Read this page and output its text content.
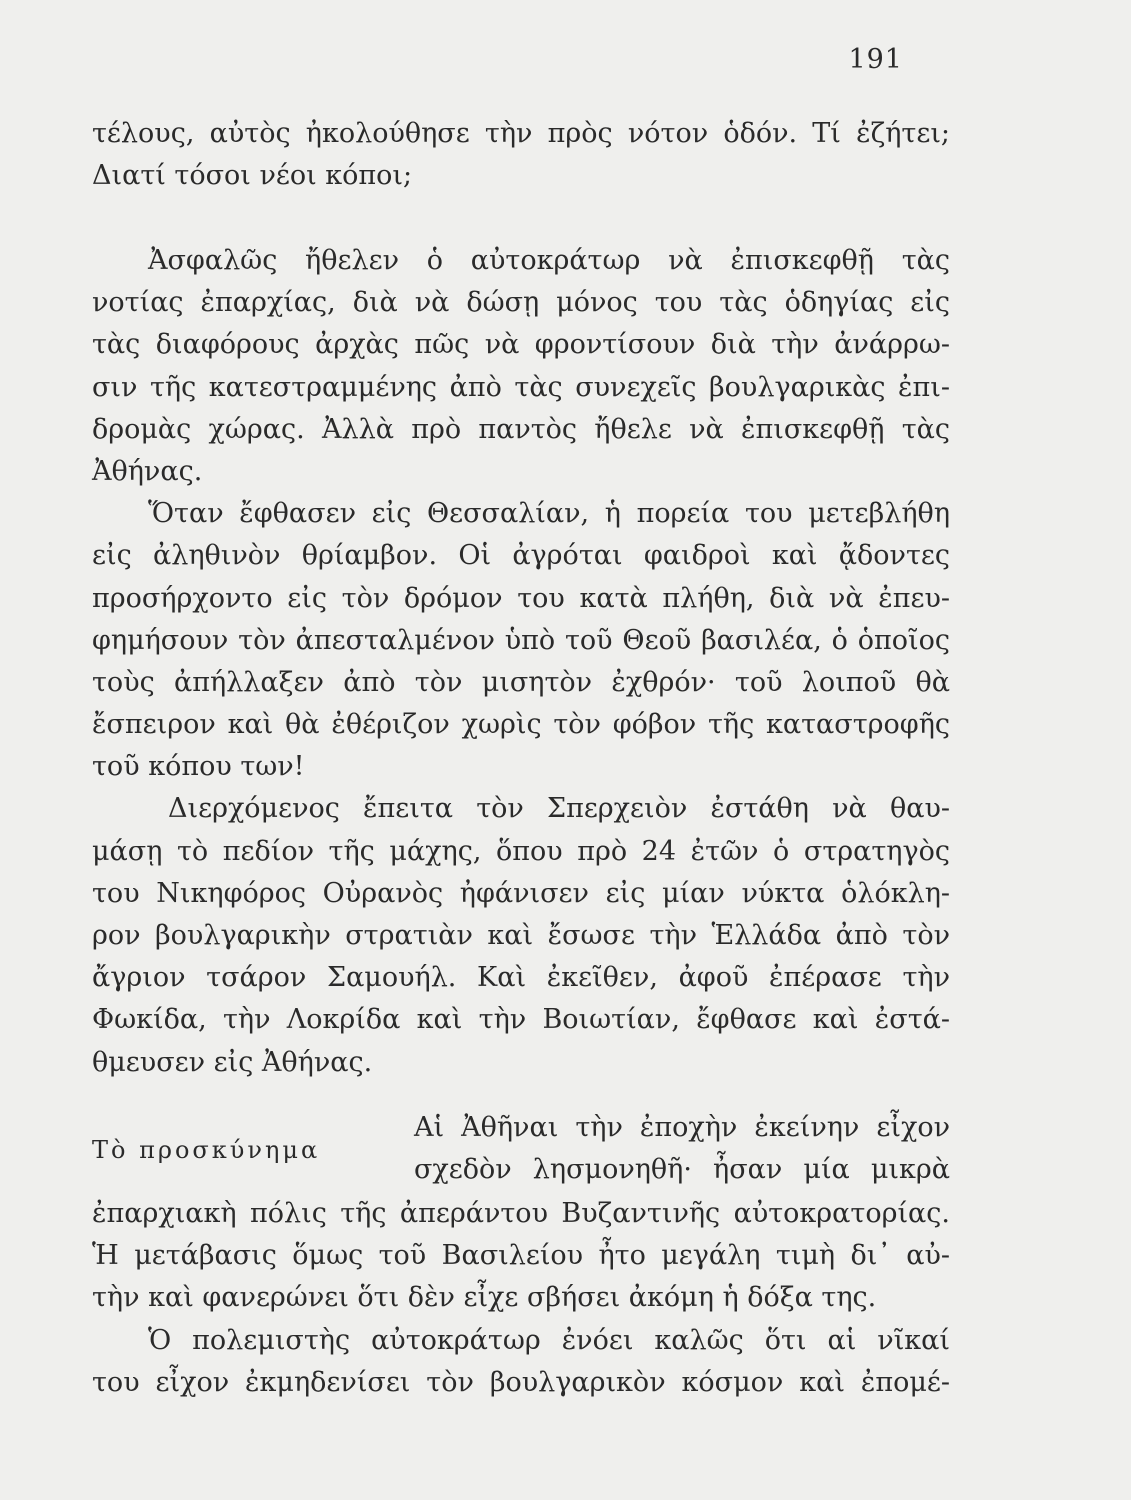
191
τέλους, αὐτὸς ἠκολούθησε τὴν πρὸς νότον ὁδόν. Τί ἐζήτει;
Διατί τόσοι νέοι κόποι;
Ἀσφαλῶς ἤθελεν ὁ αὐτοκράτωρ νὰ ἐπισκεφθῇ τὰς
νοτίας ἐπαρχίας, διὰ νὰ δώσῃ μόνος του τὰς ὁδηγίας εἰς
τὰς διαφόρους ἀρχὰς πῶς νὰ φροντίσουν διὰ τὴν ἀνάρρω-
σιν τῆς κατεστραμμένης ἀπὸ τὰς συνεχεῖς βουλγαρικὰς ἐπι-
δρομὰς χώρας. Ἀλλὰ πρὸ παντὸς ἤθελε νὰ ἐπισκεφθῇ τὰς
Ἀθήνας.
Ὅταν ἔφθασεν εἰς Θεσσαλίαν, ἡ πορεία του μετεβλήθη
εἰς ἀληθινὸν θρίαμβον. Οἱ ἀγρόται φαιδροὶ καὶ ᾄδοντες
προσήρχοντο εἰς τὸν δρόμον του κατὰ πλήθη, διὰ νὰ ἐπευ-
φημήσουν τὸν ἀπεσταλμένον ὑπὸ τοῦ Θεοῦ βασιλέα, ὁ ὁποῖος
τοὺς ἀπήλλαξεν ἀπὸ τὸν μισητὸν ἐχθρόν· τοῦ λοιποῦ θὰ
ἔσπειρον καὶ θὰ ἐθέριζον χωρὶς τὸν φόβον τῆς καταστροφῆς
τοῦ κόπου των!
Διερχόμενος ἔπειτα τὸν Σπερχειὸν ἐστάθη νὰ θαυ-
μάσῃ τὸ πεδίον τῆς μάχης, ὅπου πρὸ 24 ἐτῶν ὁ στρατηγὸς
του Νικηφόρος Οὐρανὸς ἠφάνισεν εἰς μίαν νύκτα ὁλόκλη-
ρον βουλγαρικὴν στρατιὰν καὶ ἔσωσε τὴν Ἑλλάδα ἀπὸ τὸν
ἄγριον τσάρον Σαμουήλ. Καὶ ἐκεῖθεν, ἀφοῦ ἐπέρασε τὴν
Φωκίδα, τὴν Λοκρίδα καὶ τὴν Βοιωτίαν, ἔφθασε καὶ ἐστά-
θμευσεν εἰς Ἀθήνας.
Τὸ προσκύνημα
Αἱ Ἀθῆναι τὴν ἐποχὴν ἐκείνην εἶχον
σχεδὸν λησμονηθῆ· ἦσαν μία μικρὰ
ἐπαρχιακὴ πόλις τῆς ἀπεράντου Βυζαντινῆς αὐτοκρατορίας.
Ἡ μετάβασις ὅμως τοῦ Βασιλείου ἦτο μεγάλη τιμὴ δι᾽ αὐ-
τὴν καὶ φανερώνει ὅτι δὲν εἶχε σβήσει ἀκόμη ἡ δόξα της.
Ὁ πολεμιστὴς αὐτοκράτωρ ἐνόει καλῶς ὅτι αἱ νῖκαί
του εἶχον ἐκμηδενίσει τὸν βουλγαρικὸν κόσμον καὶ ἐπομέ-
